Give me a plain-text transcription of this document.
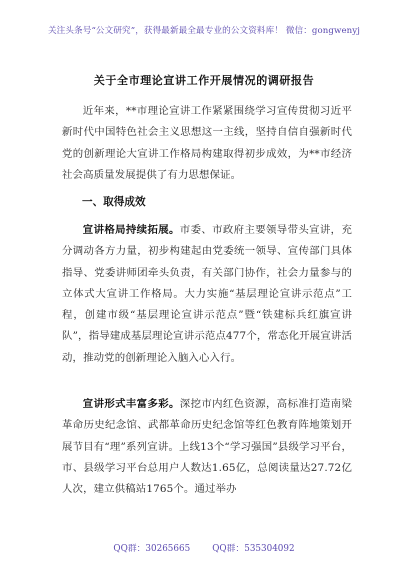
关注头条号“公文研究”，获得最新最全最专业的公文资料库！ 微信：gongwenyj
关于全市理论宣讲工作开展情况的调研报告
近年来，**市理论宣讲工作紧紧围绕学习宣传贯彻习近平新时代中国特色社会主义思想这一主线，坚持自信自强新时代党的创新理论大宣讲工作格局构建取得初步成效，为**市经济社会高质量发展提供了有力思想保证。
一、取得成效
宣讲格局持续拓展。市委、市政府主要领导带头宣讲，充分调动各方力量，初步构建起由党委统一领导、宣传部门具体指导、党委讲师团牵头负责，有关部门协作，社会力量参与的立体式大宣讲工作格局。大力实施“基层理论宣讲示范点”工程，创建市级“基层理论宣讲示范点”暨“铁建标兵红旗宣讲队”，指导建成基层理论宣讲示范点477个，常态化开展宣讲活动，推动党的创新理论入脑入心入行。
宣讲形式丰富多彩。深挖市内红色资源，高标准打造南梁革命历史纪念馆、武都革命历史纪念馆等红色教育阵地策划开展节目有“理”系列宣讲。上线13个“学习强国”县级学习平台，市、县级学习平台总用户人数达1.65亿，总阅读量达27.72亿人次，建立供稿站1765个。通过举办
QQ群：30265665	QQ群：535304092
